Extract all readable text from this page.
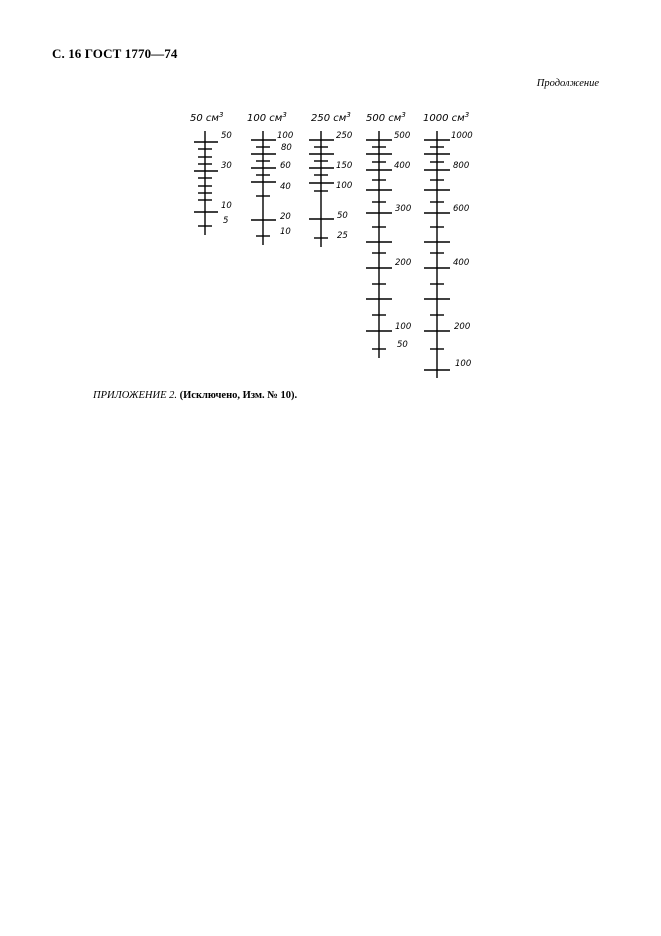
С. 16 ГОСТ 1770—74
Продолжение
50 $см^3$
50
30
10
5
100 $см^3$
100
80
60
40
20
10
250 $см^3$
250
150
100
50
25
500 $см^3$
500
400
300
200
100
50
1000 $см^3$
1000
800
600
400
200
100
ПРИЛОЖЕНИЕ 2. (Исключено, Изм. № 10).
